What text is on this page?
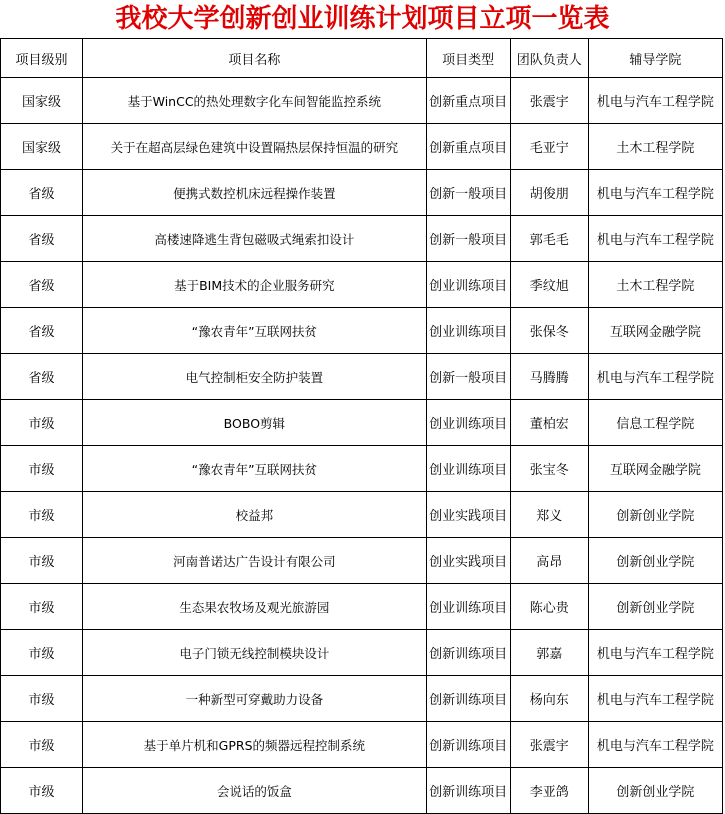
我校大学创新创业训练计划项目立项一览表
项目级别	项目名称	项目类型	团队负责人	辅导学院
国家级	基于WinCC的热处理数字化车间智能监控系统	创新重点项目	张震宇	机电与汽车工程学院
国家级	关于在超高层绿色建筑中设置隔热层保持恒温的研究	创新重点项目	毛亚宁	土木工程学院
省级	便携式数控机床远程操作装置	创新一般项目	胡俊朋	机电与汽车工程学院
省级	高楼速降逃生背包磁吸式绳索扣设计	创新一般项目	郭毛毛	机电与汽车工程学院
省级	基于BIM技术的企业服务研究	创业训练项目	季纹旭	土木工程学院
省级	“豫农青年”互联网扶贫	创业训练项目	张保冬	互联网金融学院
省级	电气控制柜安全防护装置	创新一般项目	马腾腾	机电与汽车工程学院
市级	BOBO剪辑	创业训练项目	董柏宏	信息工程学院
市级	“豫农青年”互联网扶贫	创业训练项目	张宝冬	互联网金融学院
市级	校益邦	创业实践项目	郑义	创新创业学院
市级	河南普诺达广告设计有限公司	创业实践项目	高昂	创新创业学院
市级	生态果农牧场及观光旅游园	创业训练项目	陈心贵	创新创业学院
市级	电子门锁无线控制模块设计	创新训练项目	郭嘉	机电与汽车工程学院
市级	一种新型可穿戴助力设备	创新训练项目	杨向东	机电与汽车工程学院
市级	基于单片机和GPRS的频器远程控制系统	创新训练项目	张震宇	机电与汽车工程学院
市级	会说话的饭盒	创新训练项目	李亚鸽	创新创业学院
